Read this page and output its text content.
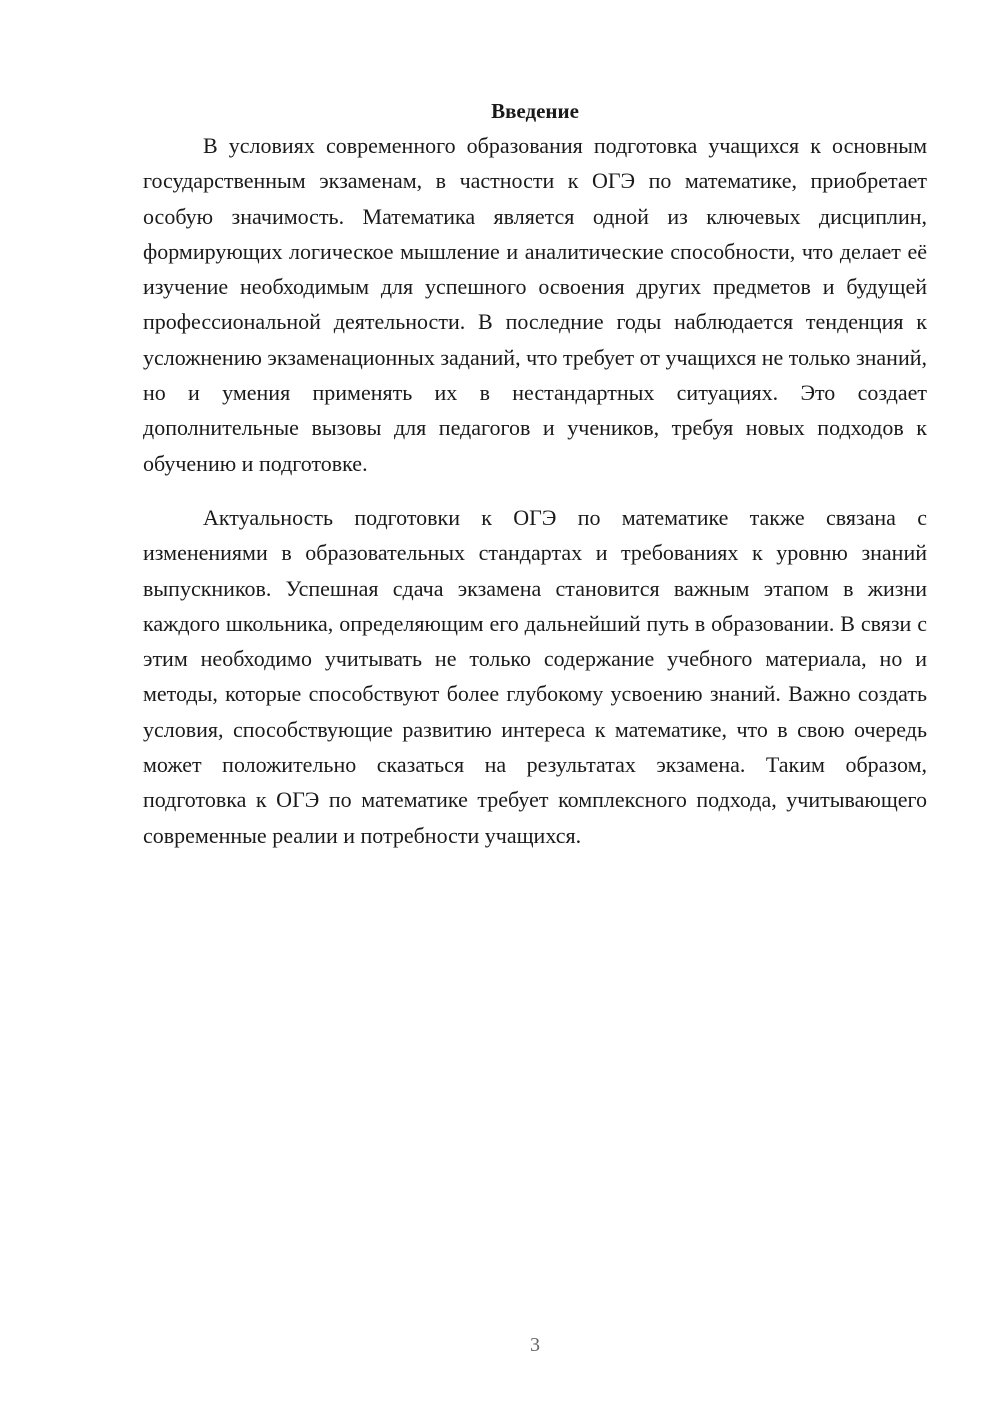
Введение

В условиях современного образования подготовка учащихся к основным государственным экзаменам, в частности к ОГЭ по математике, приобретает особую значимость. Математика является одной из ключевых дисциплин, формирующих логическое мышление и аналитические способности, что делает её изучение необходимым для успешного освоения других предметов и будущей профессиональной деятельности. В последние годы наблюдается тенденция к усложнению экзаменационных заданий, что требует от учащихся не только знаний, но и умения применять их в нестандартных ситуациях. Это создает дополнительные вызовы для педагогов и учеников, требуя новых подходов к обучению и подготовке.

Актуальность подготовки к ОГЭ по математике также связана с изменениями в образовательных стандартах и требованиях к уровню знаний выпускников. Успешная сдача экзамена становится важным этапом в жизни каждого школьника, определяющим его дальнейший путь в образовании. В связи с этим необходимо учитывать не только содержание учебного материала, но и методы, которые способствуют более глубокому усвоению знаний. Важно создать условия, способствующие развитию интереса к математике, что в свою очередь может положительно сказаться на результатах экзамена. Таким образом, подготовка к ОГЭ по математике требует комплексного подхода, учитывающего современные реалии и потребности учащихся.

3
